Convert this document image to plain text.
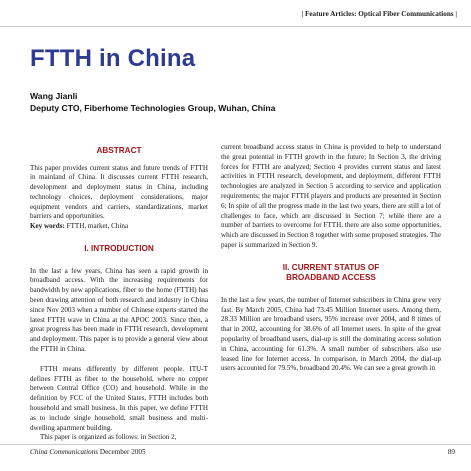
| Feature Articles: Optical Fiber Communications |
FTTH in China
Wang Jianli
Deputy CTO, Fiberhome Technologies Group, Wuhan, China
ABSTRACT

This paper provides current status and future trends of FTTH in mainland of China. It discusses current FTTH research, development and deployment status in China, including technology choices, deployment considerations, major equipment vendors and carriers, standardizations, market barriers and opportunities.

Key words: FTTH, market, China

I. INTRODUCTION

In the last a few years, China has seen a rapid growth in broadband access. With the increasing requirements for bandwidth by new applications, fiber to the home (FTTH) has been drawing attention of both research and industry in China since Nov 2003 when a number of Chinese experts started the latest FTTH wave in China at the APOC 2003. Since then, a great progress has been made in FTTH research, development and deployment. This paper is to provide a general view about the FTTH in China.

FTTH means differently by different people. ITU-T defines FTTH as fiber to the household, where no copper between Central Office (CO) and household. While in the definition by FCC of the United States, FTTH includes both household and small business. In this paper, we define FTTH as to include single household, small business and multi-dwelling apartment building.

This paper is organized as follows: in Section 2,

current broadband access status in China is provided to help to understand the great potential in FTTH growth in the future; In Section 3, the driving forces for FTTH are analyzed; Section 4 provides current status and latest activities in FTTH research, development, and deployment, different FTTH technologies are analyzed in Section 5 according to service and application requirements; the major FTTH players and products are presented in Section 6; In spite of all the progress made in the last two years, there are still a lot of challenges to face, which are discussed in Section 7; while there are a number of barriers to overcome for FTTH, there are also some opportunities, which are discussed in Section 8 together with some proposed strategies. The paper is summarized in Section 9.

II. CURRENT STATUS OF
BROADBAND ACCESS

In the last a few years, the number of Internet subscribers in China grew very fast. By March 2005, China had 73.45 Million Internet users. Among them, 28.33 Million are broadband users, 95% increase over 2004, and 8 times of that in 2002, accounting for 38.6% of all Internet users. In spite of the great popularity of broadband users, dial-up is still the dominating access solution in China, accounting for 61.3%. A small number of subscribers also use leased line for Internet access. In comparison, in March 2004, the dial-up users accounted for 79.5%, broadband 20.4%. We can see a great growth in

China Communications December 2005	89
